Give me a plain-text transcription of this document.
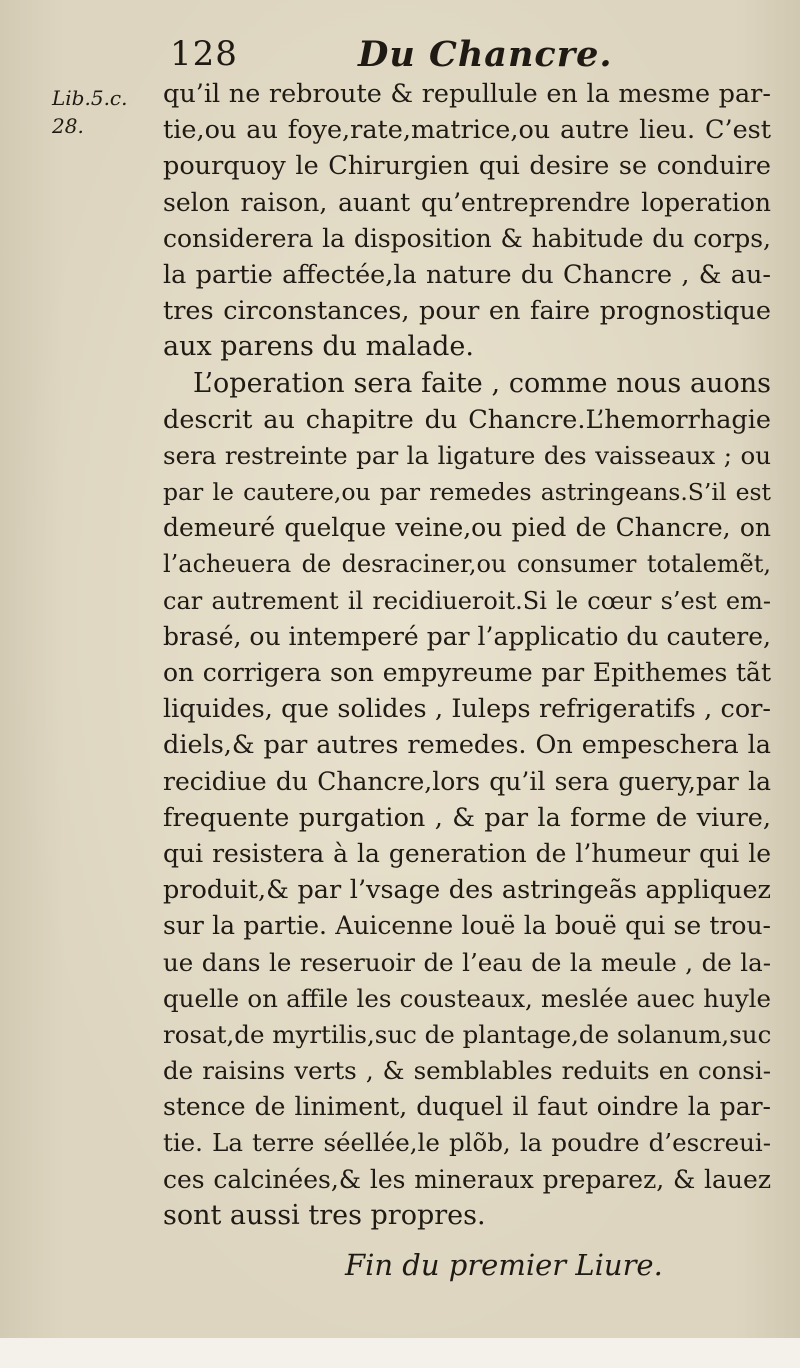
128	Du Chancre.
Lib.5.c.
28.
qu’il ne rebroute & repullule en la mesme par-
tie,ou au foye,rate,matrice,ou autre lieu. C’est
pourquoy le Chirurgien qui desire se conduire
selon raison, auant qu’entreprendre loperation
considerera la disposition & habitude du corps,
la partie affectée,la nature du Chancre , & au-
tres circonstances, pour en faire prognostique
aux parens du malade.
L’operation sera faite , comme nous auons
descrit au chapitre du Chancre.L’hemorrhagie
sera restreinte par la ligature des vaisseaux ; ou
par le cautere,ou par remedes astringeans.S’il est
demeuré quelque veine,ou pied de Chancre, on
l’acheuera de desraciner,ou consumer totalemẽt,
car autrement il recidiueroit.Si le cœur s’est em-
brasé, ou intemperé par l’applicatio du cautere,
on corrigera son empyreume par Epithemes tãt
liquides, que solides , Iuleps refrigeratifs , cor-
diels,& par autres remedes. On empeschera la
recidiue du Chancre,lors qu’il sera guery,par la
frequente purgation , & par la forme de viure,
qui resistera à la generation de l’humeur qui le
produit,& par l’vsage des astringeãs appliquez
sur la partie. Auicenne louë la bouë qui se trou-
ue dans le reseruoir de l’eau de la meule , de la-
quelle on affile les cousteaux, meslée auec huyle
rosat,de myrtilis,suc de plantage,de solanum,suc
de raisins verts , & semblables reduits en consi-
stence de liniment, duquel il faut oindre la par-
tie. La terre séellée,le plõb, la poudre d’escreui-
ces calcinées,& les mineraux preparez, & lauez
sont aussi tres propres.
Fin du premier Liure.
